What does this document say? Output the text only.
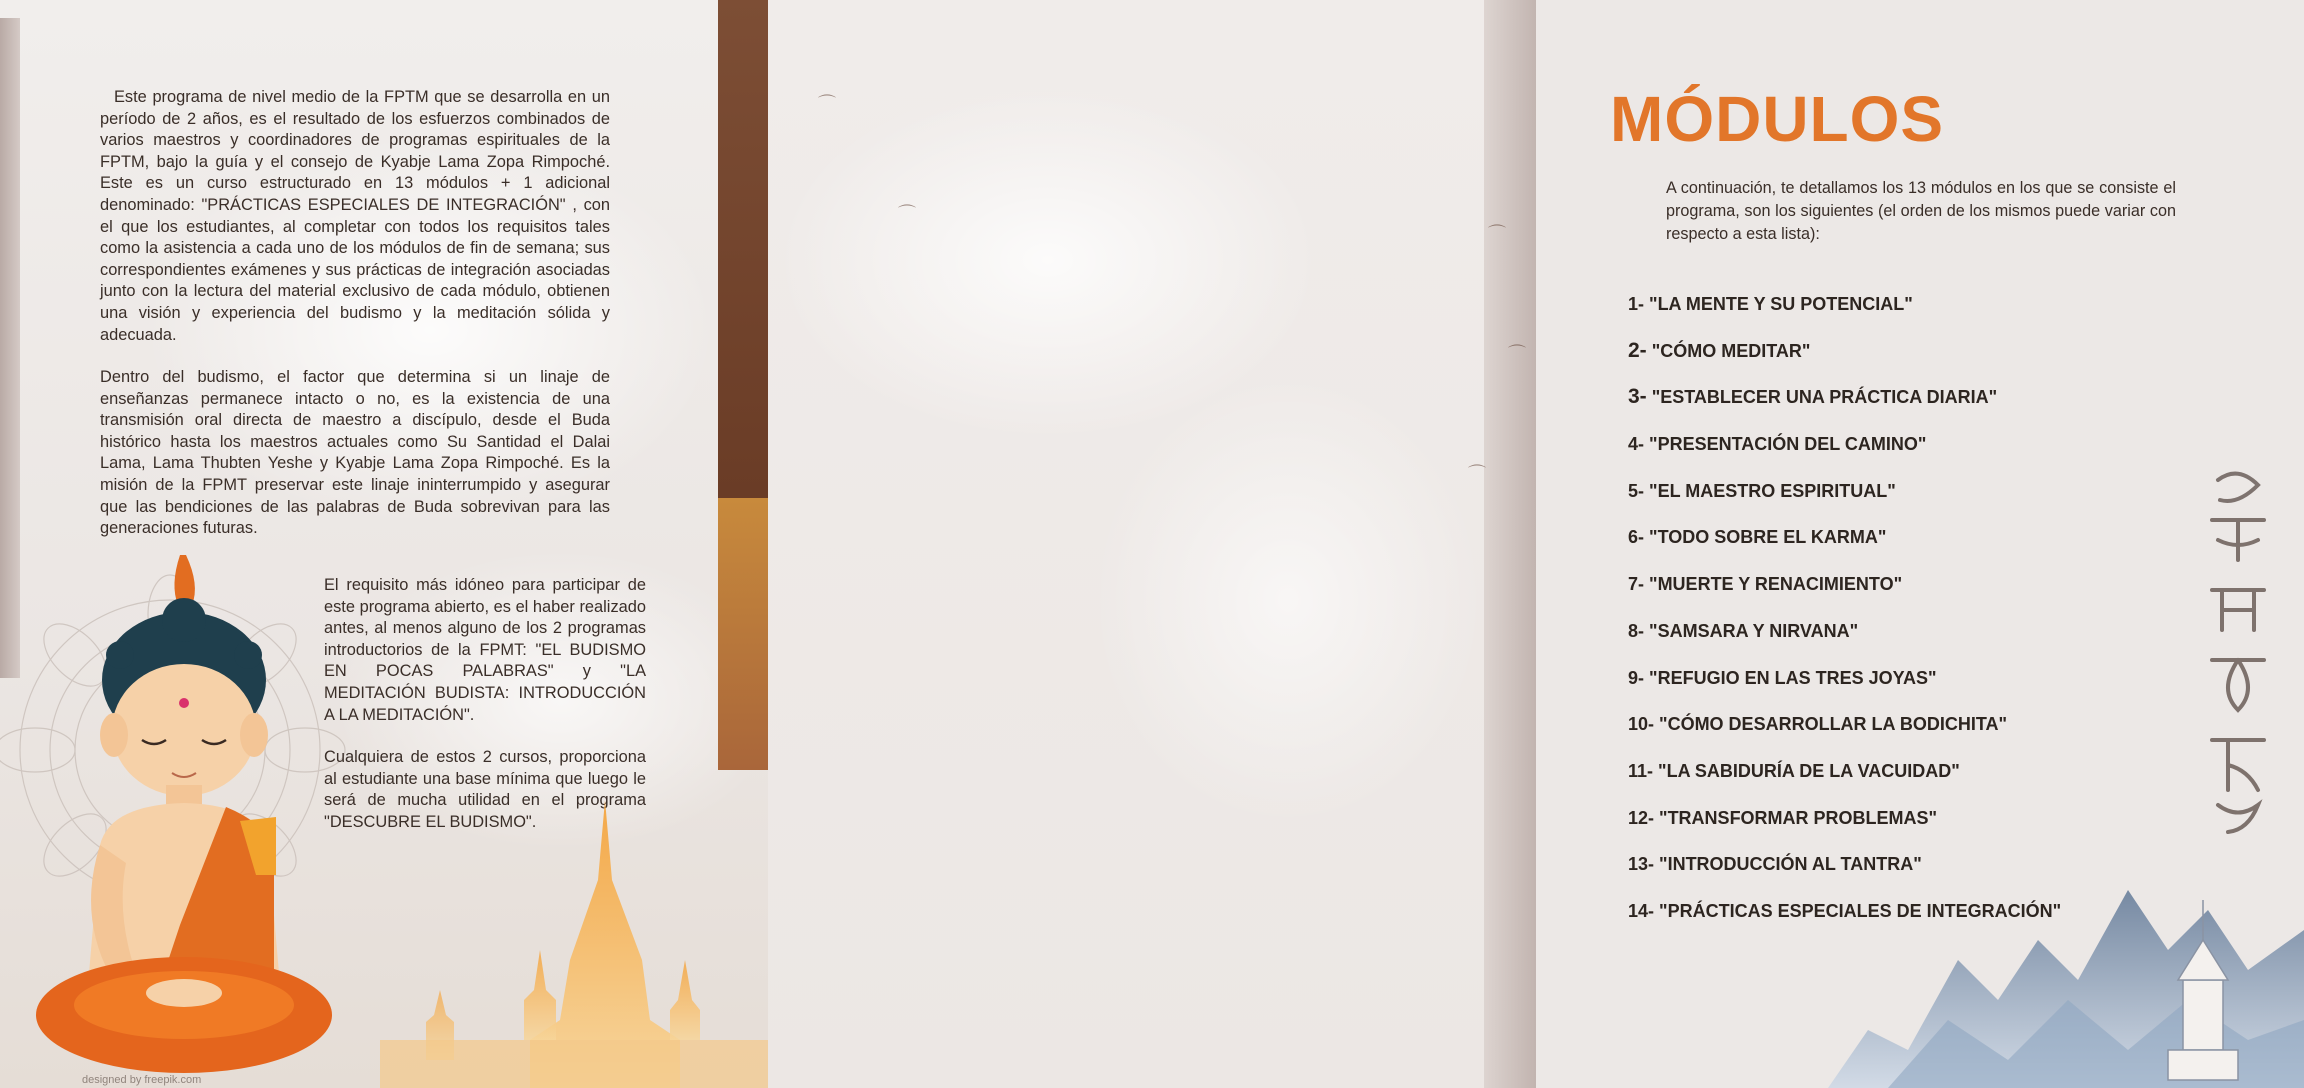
Este programa de nivel medio de la FPTM que se desarrolla en un período de 2 años, es el resultado de los esfuerzos combinados de varios maestros y coordinadores de programas espirituales de la FPTM, bajo la guía y el consejo de Kyabje Lama Zopa Rimpoché. Este es un curso estructurado en 13 módulos + 1 adicional denominado: "PRÁCTICAS ESPECIALES DE INTEGRACIÓN" , con el que los estudiantes, al completar con todos los requisitos tales como la asistencia a cada uno de los módulos de fin de semana; sus correspondientes exámenes y sus prácticas de integración asociadas junto con la lectura del material exclusivo de cada módulo, obtienen una visión y experiencia del budismo y la meditación sólida y adecuada.

Dentro del budismo, el factor que determina si un linaje de enseñanzas permanece intacto o no, es la existencia de una transmisión oral directa de maestro a discípulo, desde el Buda histórico hasta los maestros actuales como Su Santidad el Dalai Lama, Lama Thubten Yeshe y Kyabje Lama Zopa Rimpoché. Es la misión de la FPMT preservar este linaje ininterrumpido y asegurar que las bendiciones de las palabras de Buda sobrevivan para las generaciones futuras.

El requisito más idóneo para participar de este programa abierto, es el haber realizado antes, al menos alguno de los 2 programas introductorios de la FPMT: "EL BUDISMO EN POCAS PALABRAS" y "LA MEDITACIÓN BUDISTA: INTRODUCCIÓN A LA MEDITACIÓN".

Cualquiera de estos 2 cursos, proporciona al estudiante una base mínima que luego le será de mucha utilidad en el programa "DESCUBRE EL BUDISMO".

designed by freepik.com
⌒
⌒
⌒
⌒
⌒
MÓDULOS
A continuación, te detallamos los 13 módulos en los que se consiste el programa, son los siguientes (el orden de los mismos puede variar con respecto a esta lista):
1- "LA MENTE Y SU POTENCIAL"
2- "CÓMO MEDITAR"
3- "ESTABLECER UNA PRÁCTICA DIARIA"
4- "PRESENTACIÓN DEL CAMINO"
5- "EL MAESTRO ESPIRITUAL"
6- "TODO SOBRE EL KARMA"
7- "MUERTE Y RENACIMIENTO"
8- "SAMSARA Y NIRVANA"
9- "REFUGIO EN LAS TRES JOYAS"
10- "CÓMO DESARROLLAR LA BODICHITA"
11- "LA SABIDURÍA DE LA VACUIDAD"
12- "TRANSFORMAR PROBLEMAS"
13- "INTRODUCCIÓN AL TANTRA"
14- "PRÁCTICAS ESPECIALES DE INTEGRACIÓN"
